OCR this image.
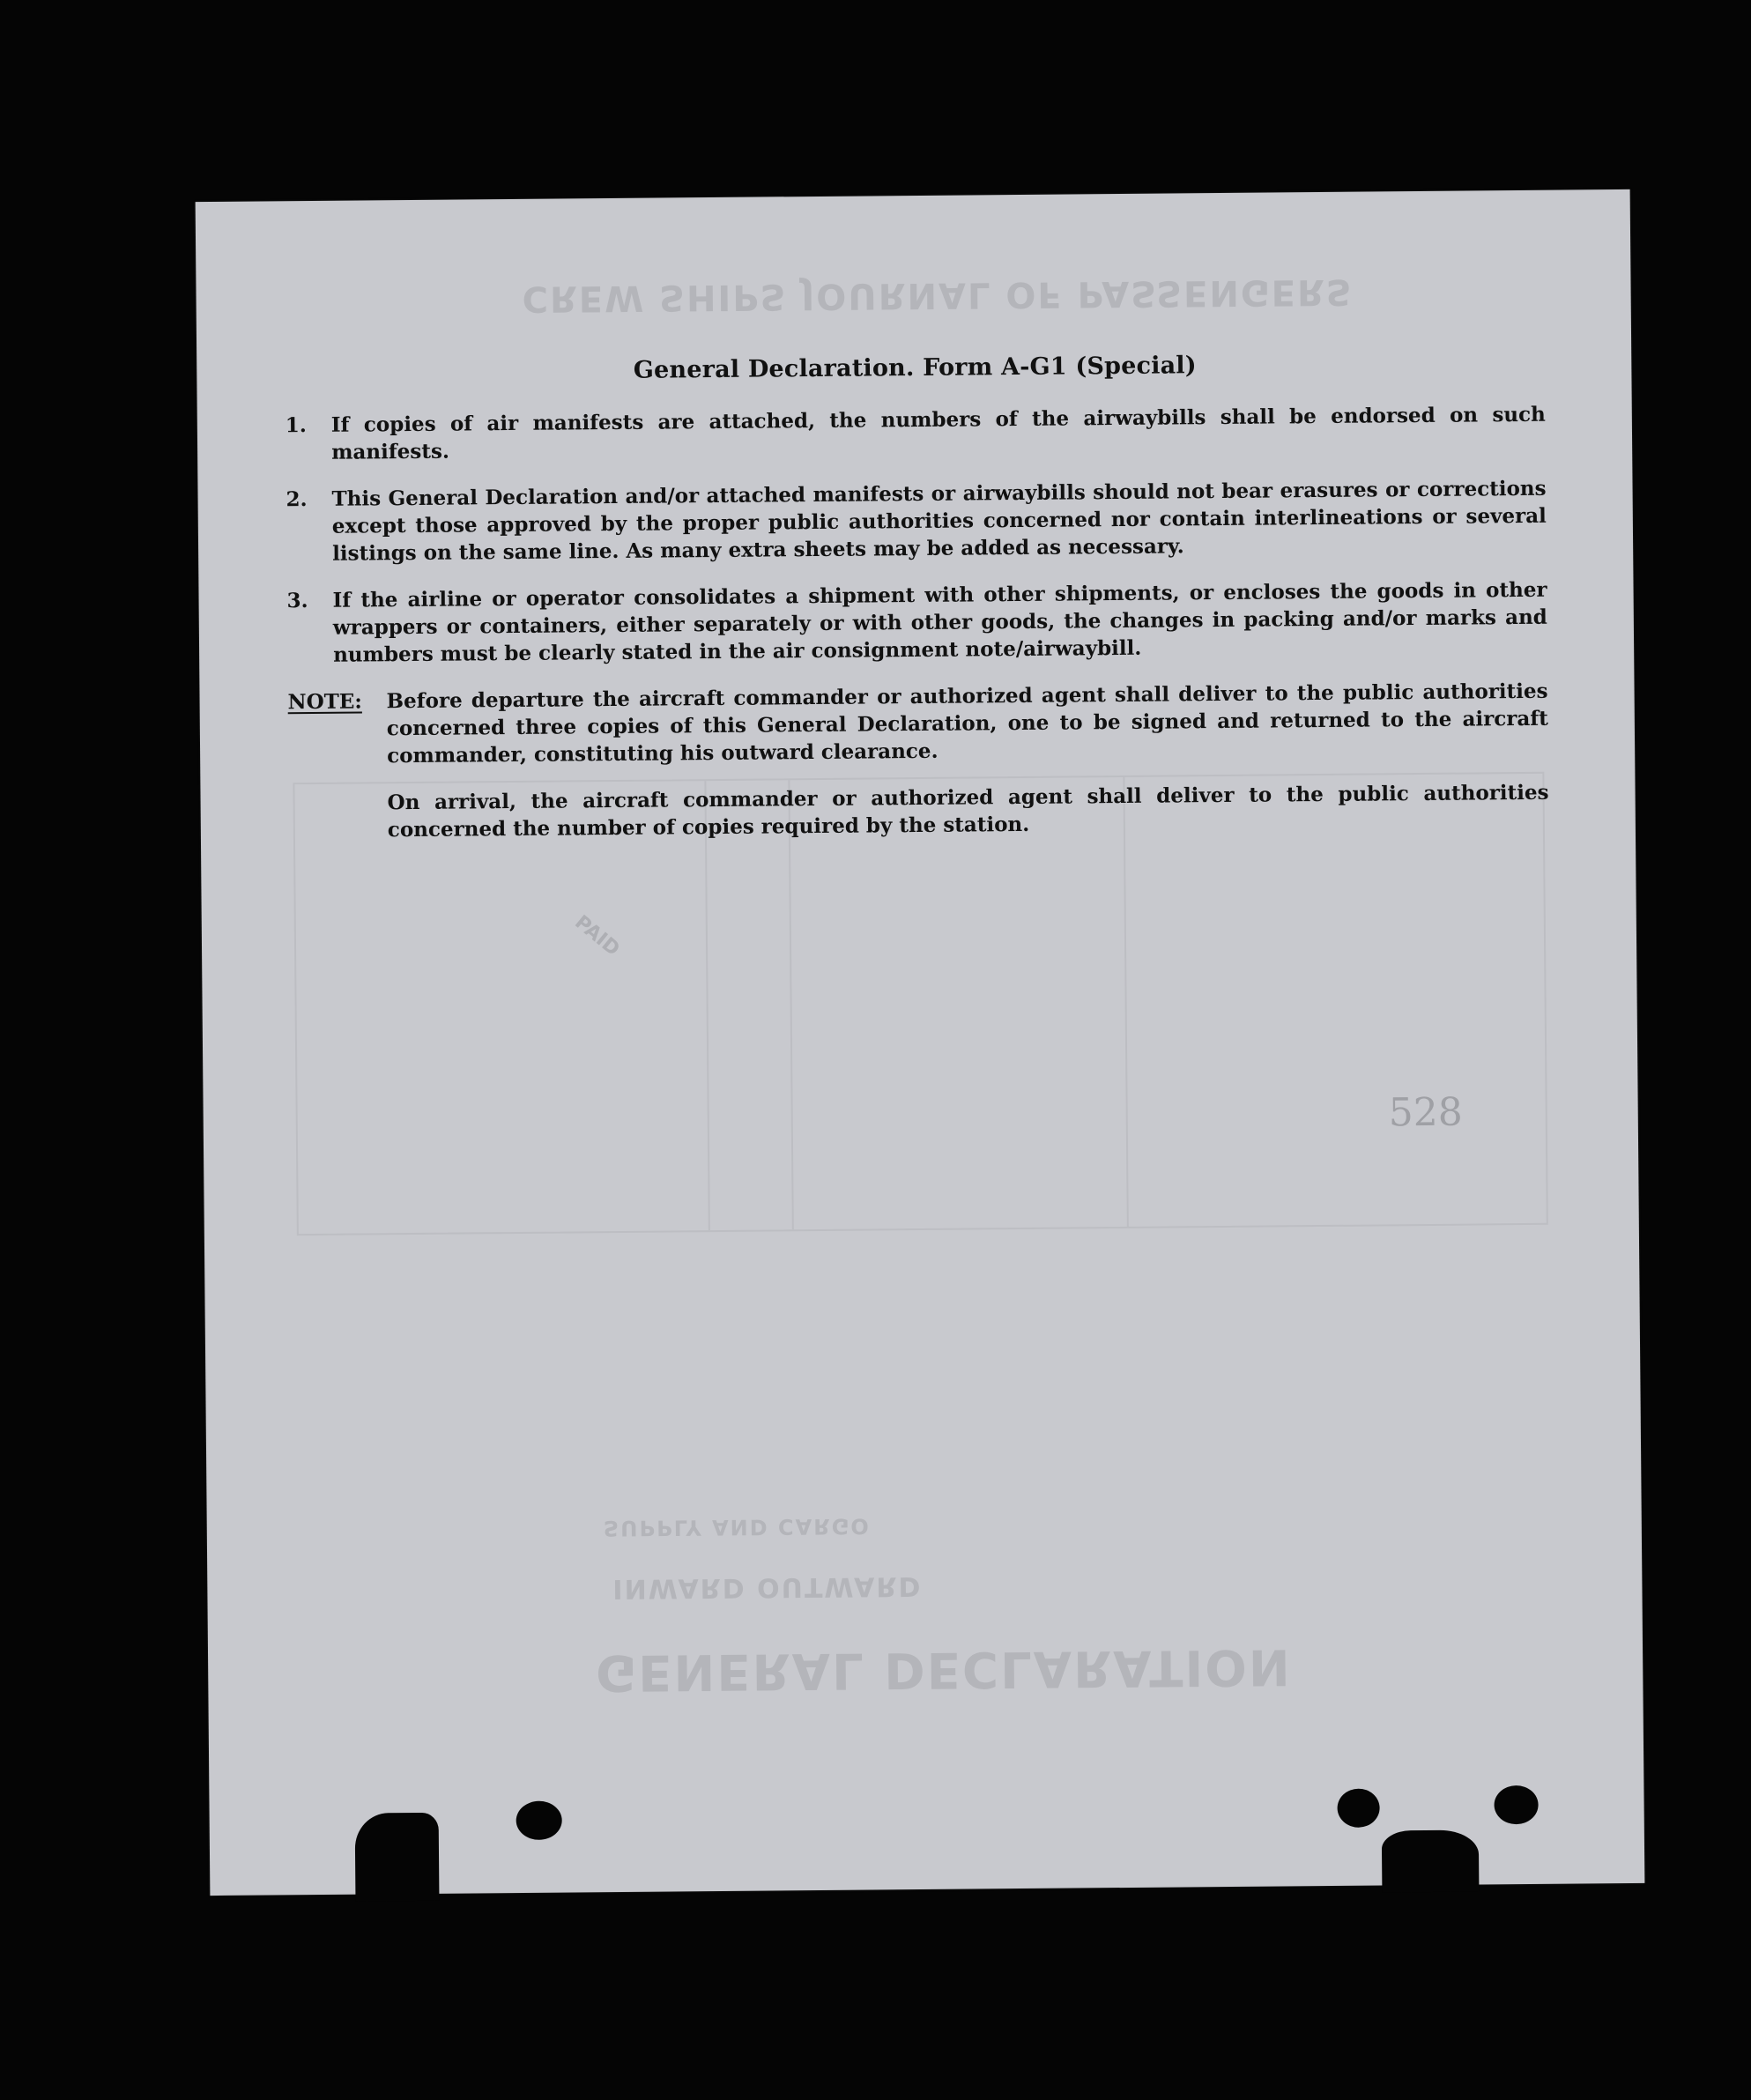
CREW SHIPS JOURNAL OF PASSENGERS
GENERAL DECLARATION
INWARD OUTWARD
SUPPLY AND CARGO
PAID
528
General Declaration. Form A-G1 (Special)
1.	If copies of air manifests are attached, the numbers of the airwaybills shall be endorsed on such manifests.
2.	This General Declaration and/or attached manifests or airwaybills should not bear erasures or corrections except those approved by the proper public authorities concerned nor contain interlineations or several listings on the same line. As many extra sheets may be added as necessary.
3.	If the airline or operator consolidates a shipment with other shipments, or encloses the goods in other wrappers or containers, either separately or with other goods, the changes in packing and/or marks and numbers must be clearly stated in the air consignment note/airwaybill.
NOTE:	Before departure the aircraft commander or authorized agent shall deliver to the public authorities concerned three copies of this General Declaration, one to be signed and returned to the aircraft commander, constituting his outward clearance.
On arrival, the aircraft commander or authorized agent shall deliver to the public authorities concerned the number of copies required by the station.
